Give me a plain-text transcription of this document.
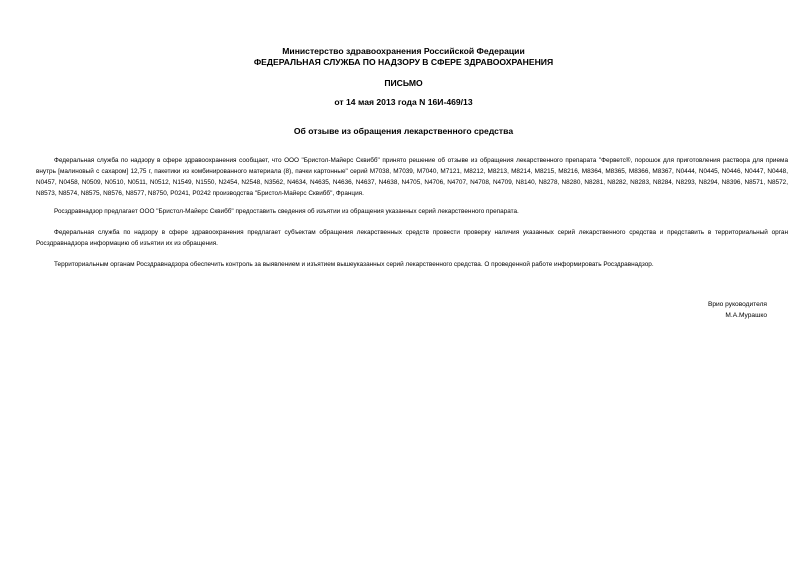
Министерство здравоохранения Российской Федерации
ФЕДЕРАЛЬНАЯ СЛУЖБА ПО НАДЗОРУ В СФЕРЕ ЗДРАВООХРАНЕНИЯ
ПИСЬМО
от 14 мая 2013 года N 16И-469/13
Об отзыве из обращения лекарственного средства

Федеральная служба по надзору в сфере здравоохранения сообщает, что ООО "Бристол-Майерс Сквибб" принято решение об отзыве из обращения лекарственного препарата "Ферветс®, порошок для приготовления раствора для приема внутрь [малиновый с сахаром] 12,75 г, пакетики из комбинированного материала (8), пачки картонные" серий M7038, M7039, M7040, M7121, M8212, M8213, M8214, M8215, M8216, M8364, M8365, M8366, M8367, N0444, N0445, N0446, N0447, N0448, N0457, N0458, N0509, N0510, N0511, N0512, N1549, N1550, N2454, N2548, N3562, N4634, N4635, N4636, N4637, N4638, N4705, N4706, N4707, N4708, N4709, N8140, N8278, N8280, N8281, N8282, N8283, N8284, N8293, N8294, N8396, N8571, N8572, N8573, N8574, N8575, N8576, N8577, N8750, P0241, P0242 производства "Бристол-Майерс Сквибб", Франция.

Росздравнадзор предлагает ООО "Бристол-Майерс Сквибб" предоставить сведения об изъятии из обращения указанных серий лекарственного препарата.

Федеральная служба по надзору в сфере здравоохранения предлагает субъектам обращения лекарственных средств провести проверку наличия указанных серий лекарственного средства и представить в территориальный орган Росздравнадзора информацию об изъятии их из обращения.

Территориальным органам Росздравнадзора обеспечить контроль за выявлением и изъятием вышеуказанных серий лекарственного средства. О проведенной работе информировать Росздравнадзор.

Врио руководителя
М.А.Мурашко
